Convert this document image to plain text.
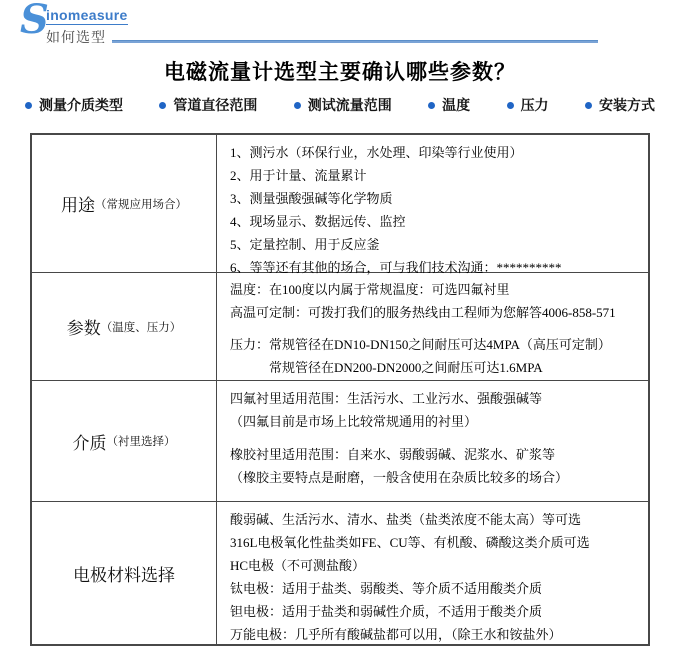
S
inomeasure
如何选型
电磁流量计选型主要确认哪些参数？
测量介质类型	管道直径范围	测试流量范围	温度	压力	安装方式
用途 （常规应用场合）
1、测污水（环保行业，水处理、印染等行业使用）
2、用于计量、流量累计
3、测量强酸强碱等化学物质
4、现场显示、数据远传、监控
5、定量控制、用于反应釜
6、等等还有其他的场合，可与我们技术沟通：**********
参数 （温度、压力）
温度：在100度以内属于常规温度：可选四氟衬里
高温可定制：可拨打我们的服务热线由工程师为您解答4006-858-571
压力：常规管径在DN10-DN150之间耐压可达4MPA（高压可定制）
　　　常规管径在DN200-DN2000之间耐压可达1.6MPA
介质 （衬里选择）
四氟衬里适用范围：生活污水、工业污水、强酸强碱等
（四氟目前是市场上比较常规通用的衬里）
橡胶衬里适用范围：自来水、弱酸弱碱、泥浆水、矿浆等
（橡胶主要特点是耐磨，一般含使用在杂质比较多的场合）
电极材料选择
酸弱碱、生活污水、清水、盐类（盐类浓度不能太高）等可选
316L电极氧化性盐类如FE、CU等、有机酸、磷酸这类介质可选
HC电极（不可测盐酸）
钛电极：适用于盐类、弱酸类、等介质不适用酸类介质
钽电极：适用于盐类和弱碱性介质，不适用于酸类介质
万能电极：几乎所有酸碱盐都可以用，（除王水和铵盐外）
